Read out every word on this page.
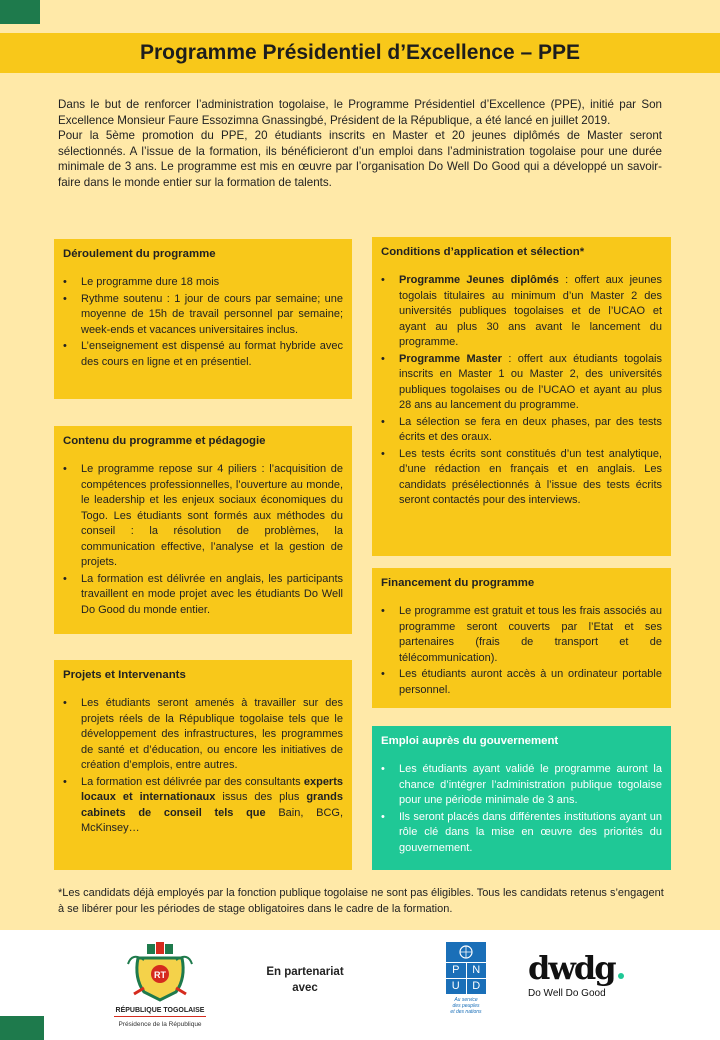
Programme Présidentiel d’Excellence – PPE

Dans le but de renforcer l’administration togolaise, le Programme Présidentiel d’Excellence (PPE), initié par Son Excellence Monsieur Faure Essozimna Gnassingbé, Président de la République, a été lancé en juillet 2019.

Pour la 5ème promotion du PPE, 20 étudiants inscrits en Master et 20 jeunes diplômés de Master seront sélectionnés. A l’issue de la formation, ils bénéficieront d’un emploi dans l’administration togolaise pour une durée minimale de 3 ans. Le programme est mis en œuvre par l’organisation Do Well Do Good qui a développé un savoir-faire dans le monde entier sur la formation de talents.

Déroulement du programme
• Le programme dure 18 mois
• Rythme soutenu : 1 jour de cours par semaine; une moyenne de 15h de travail personnel par semaine; week-ends et vacances universitaires inclus.
• L’enseignement est dispensé au format hybride avec des cours en ligne et en présentiel.
Contenu du programme et pédagogie
• Le programme repose sur 4 piliers : l’acquisition de compétences professionnelles, l’ouverture au monde, le leadership et les enjeux sociaux économiques du Togo. Les étudiants sont formés aux méthodes du conseil : la résolution de problèmes, la communication effective, l’analyse et la gestion de projets.
• La formation est délivrée en anglais, les participants travaillent en mode projet avec les étudiants Do Well Do Good du monde entier.
Projets et Intervenants
• Les étudiants seront amenés à travailler sur des projets réels de la République togolaise tels que le développement des infrastructures, les programmes de santé et d’éducation, ou encore les initiatives de création d’emplois, entre autres.
• La formation est délivrée par des consultants experts locaux et internationaux issus des plus grands cabinets de conseil tels que Bain, BCG, McKinsey…
Conditions d’application et sélection*
• Programme Jeunes diplômés : offert aux jeunes togolais titulaires au minimum d’un Master 2 des universités publiques togolaises et de l’UCAO et ayant au plus 30 ans avant le lancement du programme.
• Programme Master : offert aux étudiants togolais inscrits en Master 1 ou Master 2, des universités publiques togolaises ou de l’UCAO et ayant au plus 28 ans au lancement du programme.
• La sélection se fera en deux phases, par des tests écrits et des oraux.
• Les tests écrits sont constitués d’un test analytique, d’une rédaction en français et en anglais. Les candidats présélectionnés à l’issue des tests écrits seront contactés pour des interviews.
Financement du programme
• Le programme est gratuit et tous les frais associés au programme seront couverts par l’Etat et ses partenaires (frais de transport et de télécommunication).
• Les étudiants auront accès à un ordinateur portable personnel.
Emploi auprès du gouvernement
• Les étudiants ayant validé le programme auront la chance d’intégrer l’administration publique togolaise pour une période minimale de 3 ans.
• Ils seront placés dans différentes institutions ayant un rôle clé dans la mise en œuvre des priorités du gouvernement.
*Les candidats déjà employés par la fonction publique togolaise ne sont pas éligibles. Tous les candidats retenus s’engagent à se libérer pour les périodes de stage obligatoires dans le cadre de la formation.
RT
RÉPUBLIQUE TOGOLAISE
Présidence de la République
En partenariat
avec
P	N
U	D
Au service
des peuples
et des nations
dwdg
Do Well Do Good
